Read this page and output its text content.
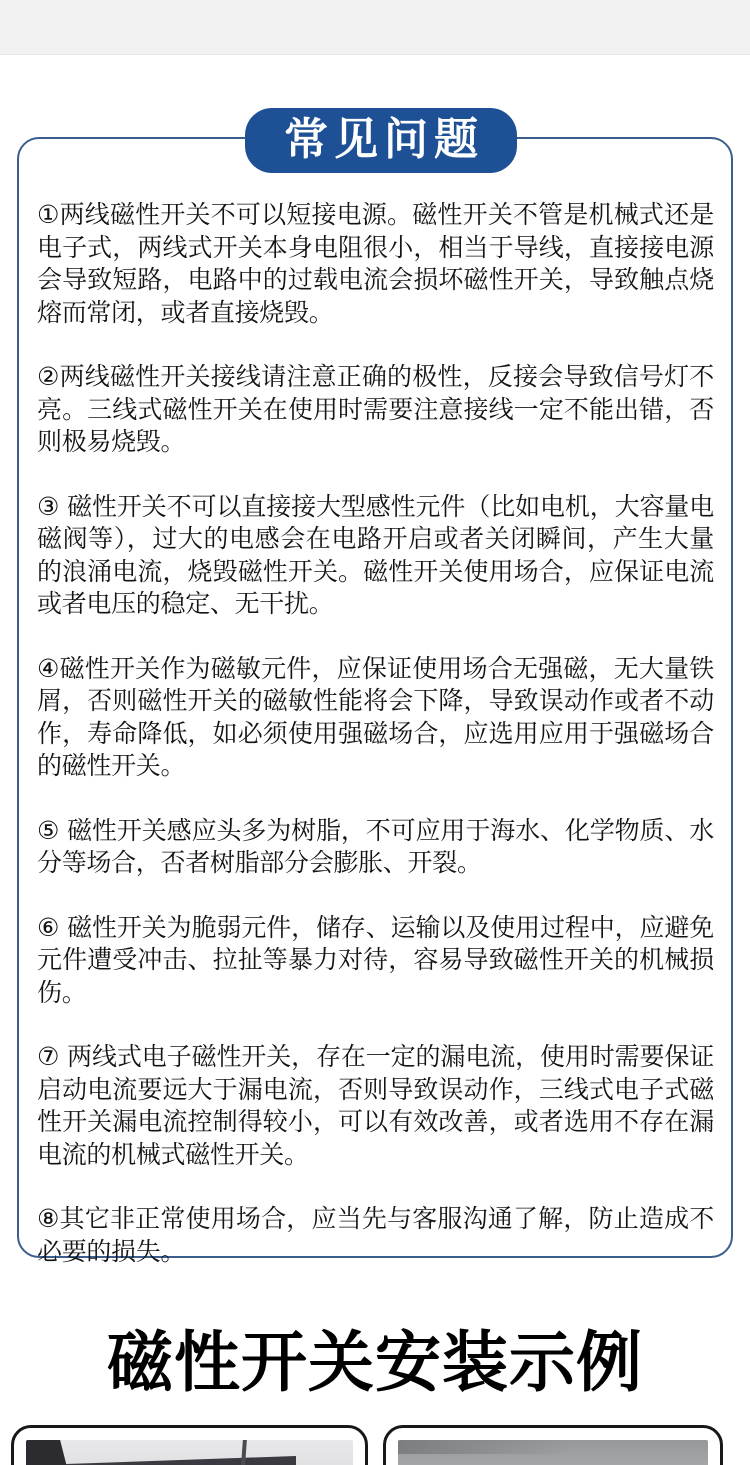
常见问题

①两线磁性开关不可以短接电源。磁性开关不管是机械式还是电子式，两线式开关本身电阻很小，相当于导线，直接接电源会导致短路，电路中的过载电流会损坏磁性开关，导致触点烧熔而常闭，或者直接烧毁。

②两线磁性开关接线请注意正确的极性，反接会导致信号灯不亮。三线式磁性开关在使用时需要注意接线一定不能出错，否则极易烧毁。

③ 磁性开关不可以直接接大型感性元件（比如电机，大容量电磁阀等），过大的电感会在电路开启或者关闭瞬间，产生大量的浪涌电流，烧毁磁性开关。磁性开关使用场合，应保证电流或者电压的稳定、无干扰。

④磁性开关作为磁敏元件，应保证使用场合无强磁，无大量铁屑，否则磁性开关的磁敏性能将会下降，导致误动作或者不动作，寿命降低，如必须使用强磁场合，应选用应用于强磁场合的磁性开关。

⑤ 磁性开关感应头多为树脂，不可应用于海水、化学物质、水分等场合，否者树脂部分会膨胀、开裂。

⑥ 磁性开关为脆弱元件，储存、运输以及使用过程中，应避免元件遭受冲击、拉扯等暴力对待，容易导致磁性开关的机械损伤。

⑦ 两线式电子磁性开关，存在一定的漏电流，使用时需要保证启动电流要远大于漏电流，否则导致误动作，三线式电子式磁性开关漏电流控制得较小，可以有效改善，或者选用不存在漏电流的机械式磁性开关。

⑧其它非正常使用场合，应当先与客服沟通了解，防止造成不必要的损失。

磁性开关安装示例
